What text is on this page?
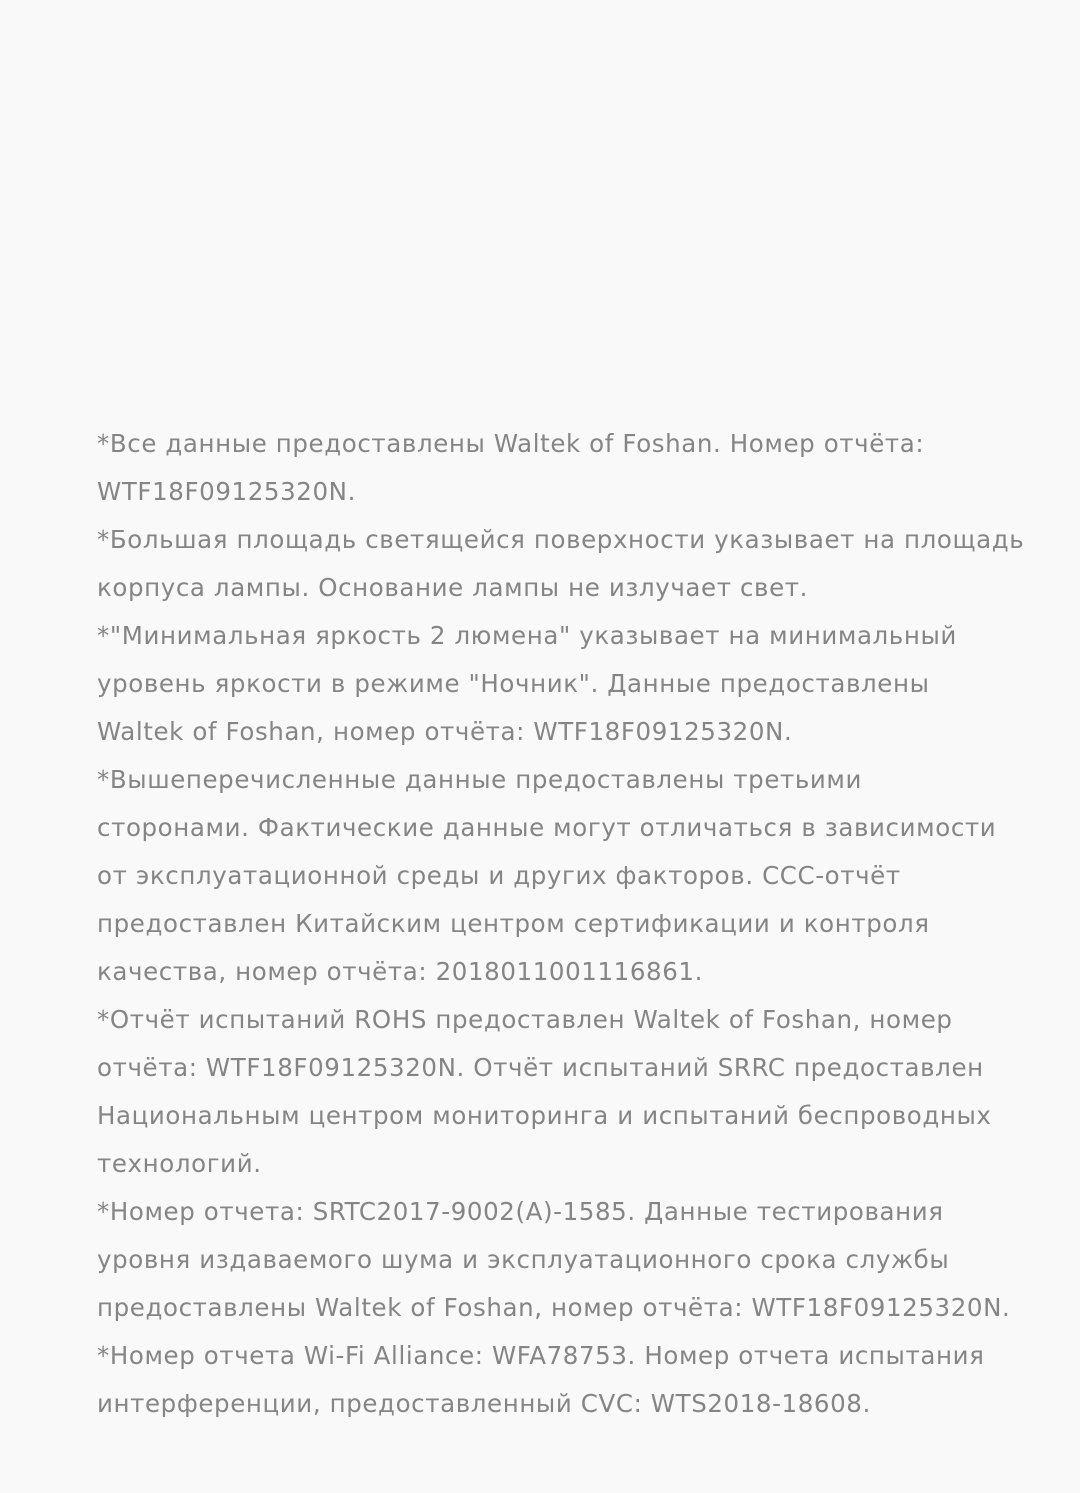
*Все данные предоставлены Waltek of Foshan. Номер отчёта:
WTF18F09125320N.

*Большая площадь светящейся поверхности указывает на площадь
корпуса лампы. Основание лампы не излучает свет.

*"Минимальная яркость 2 люмена" указывает на минимальный
уровень яркости в режиме "Ночник". Данные предоставлены
Waltek of Foshan, номер отчёта: WTF18F09125320N.

*Вышеперечисленные данные предоставлены третьими
сторонами. Фактические данные могут отличаться в зависимости
от эксплуатационной среды и других факторов. CCC-отчёт
предоставлен Китайским центром сертификации и контроля
качества, номер отчёта: 2018011001116861.

*Отчёт испытаний ROHS предоставлен Waltek of Foshan, номер
отчёта: WTF18F09125320N. Отчёт испытаний SRRC предоставлен
Национальным центром мониторинга и испытаний беспроводных
технологий.

*Номер отчета: SRTC2017-9002(A)-1585. Данные тестирования
уровня издаваемого шума и эксплуатационного срока службы
предоставлены Waltek of Foshan, номер отчёта: WTF18F09125320N.

*Номер отчета Wi-Fi Alliance: WFA78753. Номер отчета испытания
интерференции, предоставленный CVC: WTS2018-18608.
